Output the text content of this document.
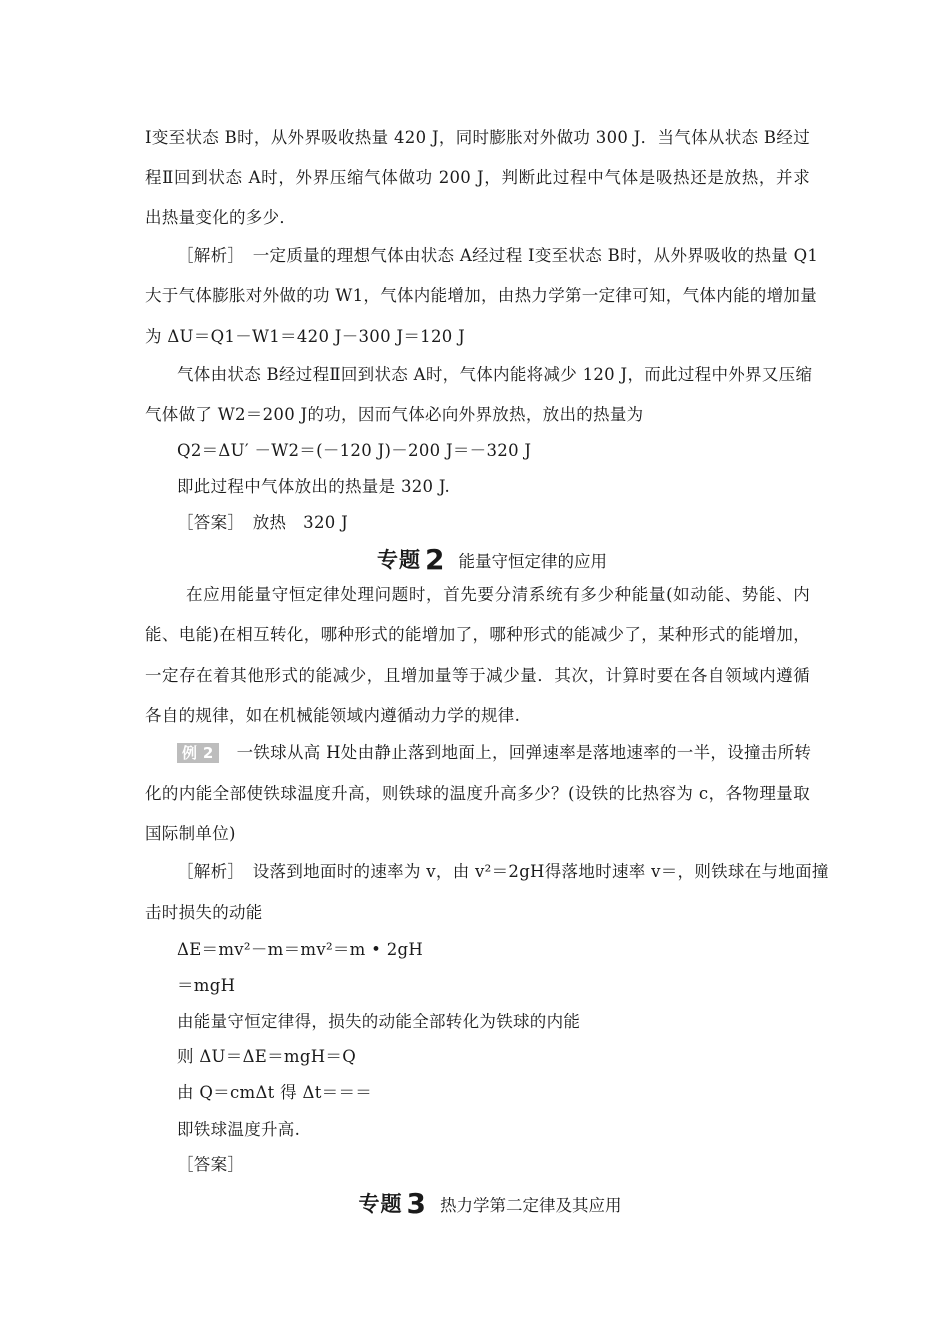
Ⅰ变至状态 B时，从外界吸收热量 420 J，同时膨胀对外做功 300 J．当气体从状态 B经过
程Ⅱ回到状态 A时，外界压缩气体做功 200 J，判断此过程中气体是吸热还是放热，并求
出热量变化的多少．
［解析］　一定质量的理想气体由状态 A经过程 Ⅰ变至状态 B时，从外界吸收的热量 Q1
大于气体膨胀对外做的功 W1，气体内能增加，由热力学第一定律可知，气体内能的增加量
为 ΔU＝Q1－W1＝420 J－300 J＝120 J
气体由状态 B经过程Ⅱ回到状态 A时，气体内能将减少 120 J，而此过程中外界又压缩
气体做了 W2＝200 J的功，因而气体必向外界放热，放出的热量为
Q2＝ΔU′ －W2＝(－120 J)－200 J＝－320 J
即此过程中气体放出的热量是 320 J.
［答案］　放热　320 J
专题 2 能量守恒定律的应用
在应用能量守恒定律处理问题时，首先要分清系统有多少种能量(如动能、势能、内
能、电能)在相互转化，哪种形式的能增加了，哪种形式的能减少了，某种形式的能增加，
一定存在着其他形式的能减少，且增加量等于减少量．其次，计算时要在各自领域内遵循
各自的规律，如在机械能领域内遵循动力学的规律.
例 2	一铁球从高 H处由静止落到地面上，回弹速率是落地速率的一半，设撞击所转
化的内能全部使铁球温度升高，则铁球的温度升高多少？(设铁的比热容为 c，各物理量取
国际制单位)
［解析］　设落到地面时的速率为 v，由 v²＝2gH得落地时速率 v＝，则铁球在与地面撞
击时损失的动能
ΔE＝mv²－m＝mv²＝m • 2gH
＝mgH
由能量守恒定律得，损失的动能全部转化为铁球的内能
则 ΔU＝ΔE＝mgH＝Q
由 Q＝cmΔt 得 Δt＝＝＝
即铁球温度升高.
［答案］
专题 3 热力学第二定律及其应用
